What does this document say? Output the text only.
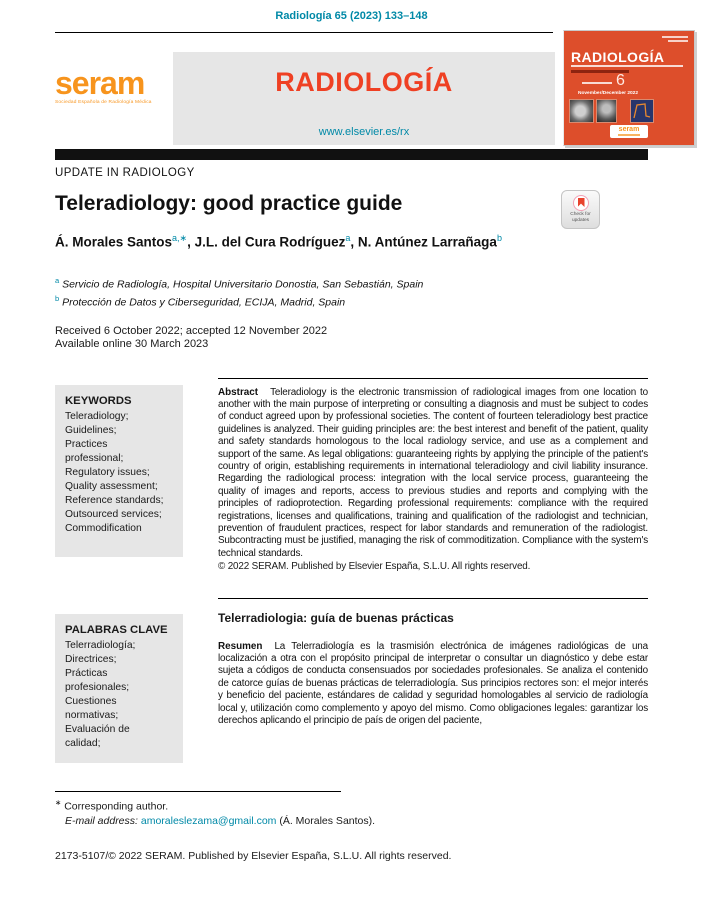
Radiología 65 (2023) 133–148
seram
Sociedad Española de Radiología Médica
RADIOLOGÍA
www.elsevier.es/rx
RADIOLOGÍA
6
November/December 2022
seram
UPDATE IN RADIOLOGY
Teleradiology: good practice guide	Check for updates
Á. Morales Santos$^{a,∗}$, J.L. del Cura Rodríguez$^a$, N. Antúnez Larrañaga$^b$
$^a$ Servicio de Radiología, Hospital Universitario Donostia, San Sebastián, Spain
$^b$ Protección de Datos y Ciberseguridad, ECIJA, Madrid, Spain
Received 6 October 2022; accepted 12 November 2022
Available online 30 March 2023
KEYWORDS
Teleradiology;
Guidelines;
Practices
professional;
Regulatory issues;
Quality assessment;
Reference standards;
Outsourced services;
Commodification

Abstract Teleradiology is the electronic transmission of radiological images from one location to another with the main purpose of interpreting or consulting a diagnosis and must be subject to codes of conduct agreed upon by professional societies. The content of fourteen teleradiology best practice guidelines is analyzed. Their guiding principles are: the best interest and benefit of the patient, quality and safety standards homologous to the local radiology service, and use as a complement and support of the same. As legal obligations: guaranteeing rights by applying the principle of the patient's country of origin, establishing requirements in international teleradiology and civil liability insurance. Regarding the radiological process: integration with the local service process, guaranteeing the quality of images and reports, access to previous studies and reports and complying with the principles of radioprotection. Regarding professional requirements: compliance with the required registrations, licenses and qualifications, training and qualification of the radiologist and technician, prevention of fraudulent practices, respect for labor standards and remuneration of the radiologist. Subcontracting must be justified, managing the risk of commoditization. Compliance with the system's technical standards.

© 2022 SERAM. Published by Elsevier España, S.L.U. All rights reserved.
PALABRAS CLAVE
Telerradiología;
Directrices;
Prácticas
profesionales;
Cuestiones
normativas;
Evaluación de
calidad;
Telerradiologia: guía de buenas prácticas

Resumen La Telerradiología es la trasmisión electrónica de imágenes radiológicas de una localización a otra con el propósito principal de interpretar o consultar un diagnóstico y debe estar sujeta a códigos de conducta consensuados por sociedades profesionales. Se analiza el contenido de catorce guías de buenas prácticas de telerradiología. Sus principios rectores son: el mejor interés y beneficio del paciente, estándares de calidad y seguridad homologables al servicio de radiología local y, utilización como complemento y apoyo del mismo. Como obligaciones legales: garantizar los derechos aplicando el principio de país de origen del paciente,

∗ Corresponding author.
E-mail address: amoraleslezama@gmail.com (Á. Morales Santos).
2173-5107/© 2022 SERAM. Published by Elsevier España, S.L.U. All rights reserved.
